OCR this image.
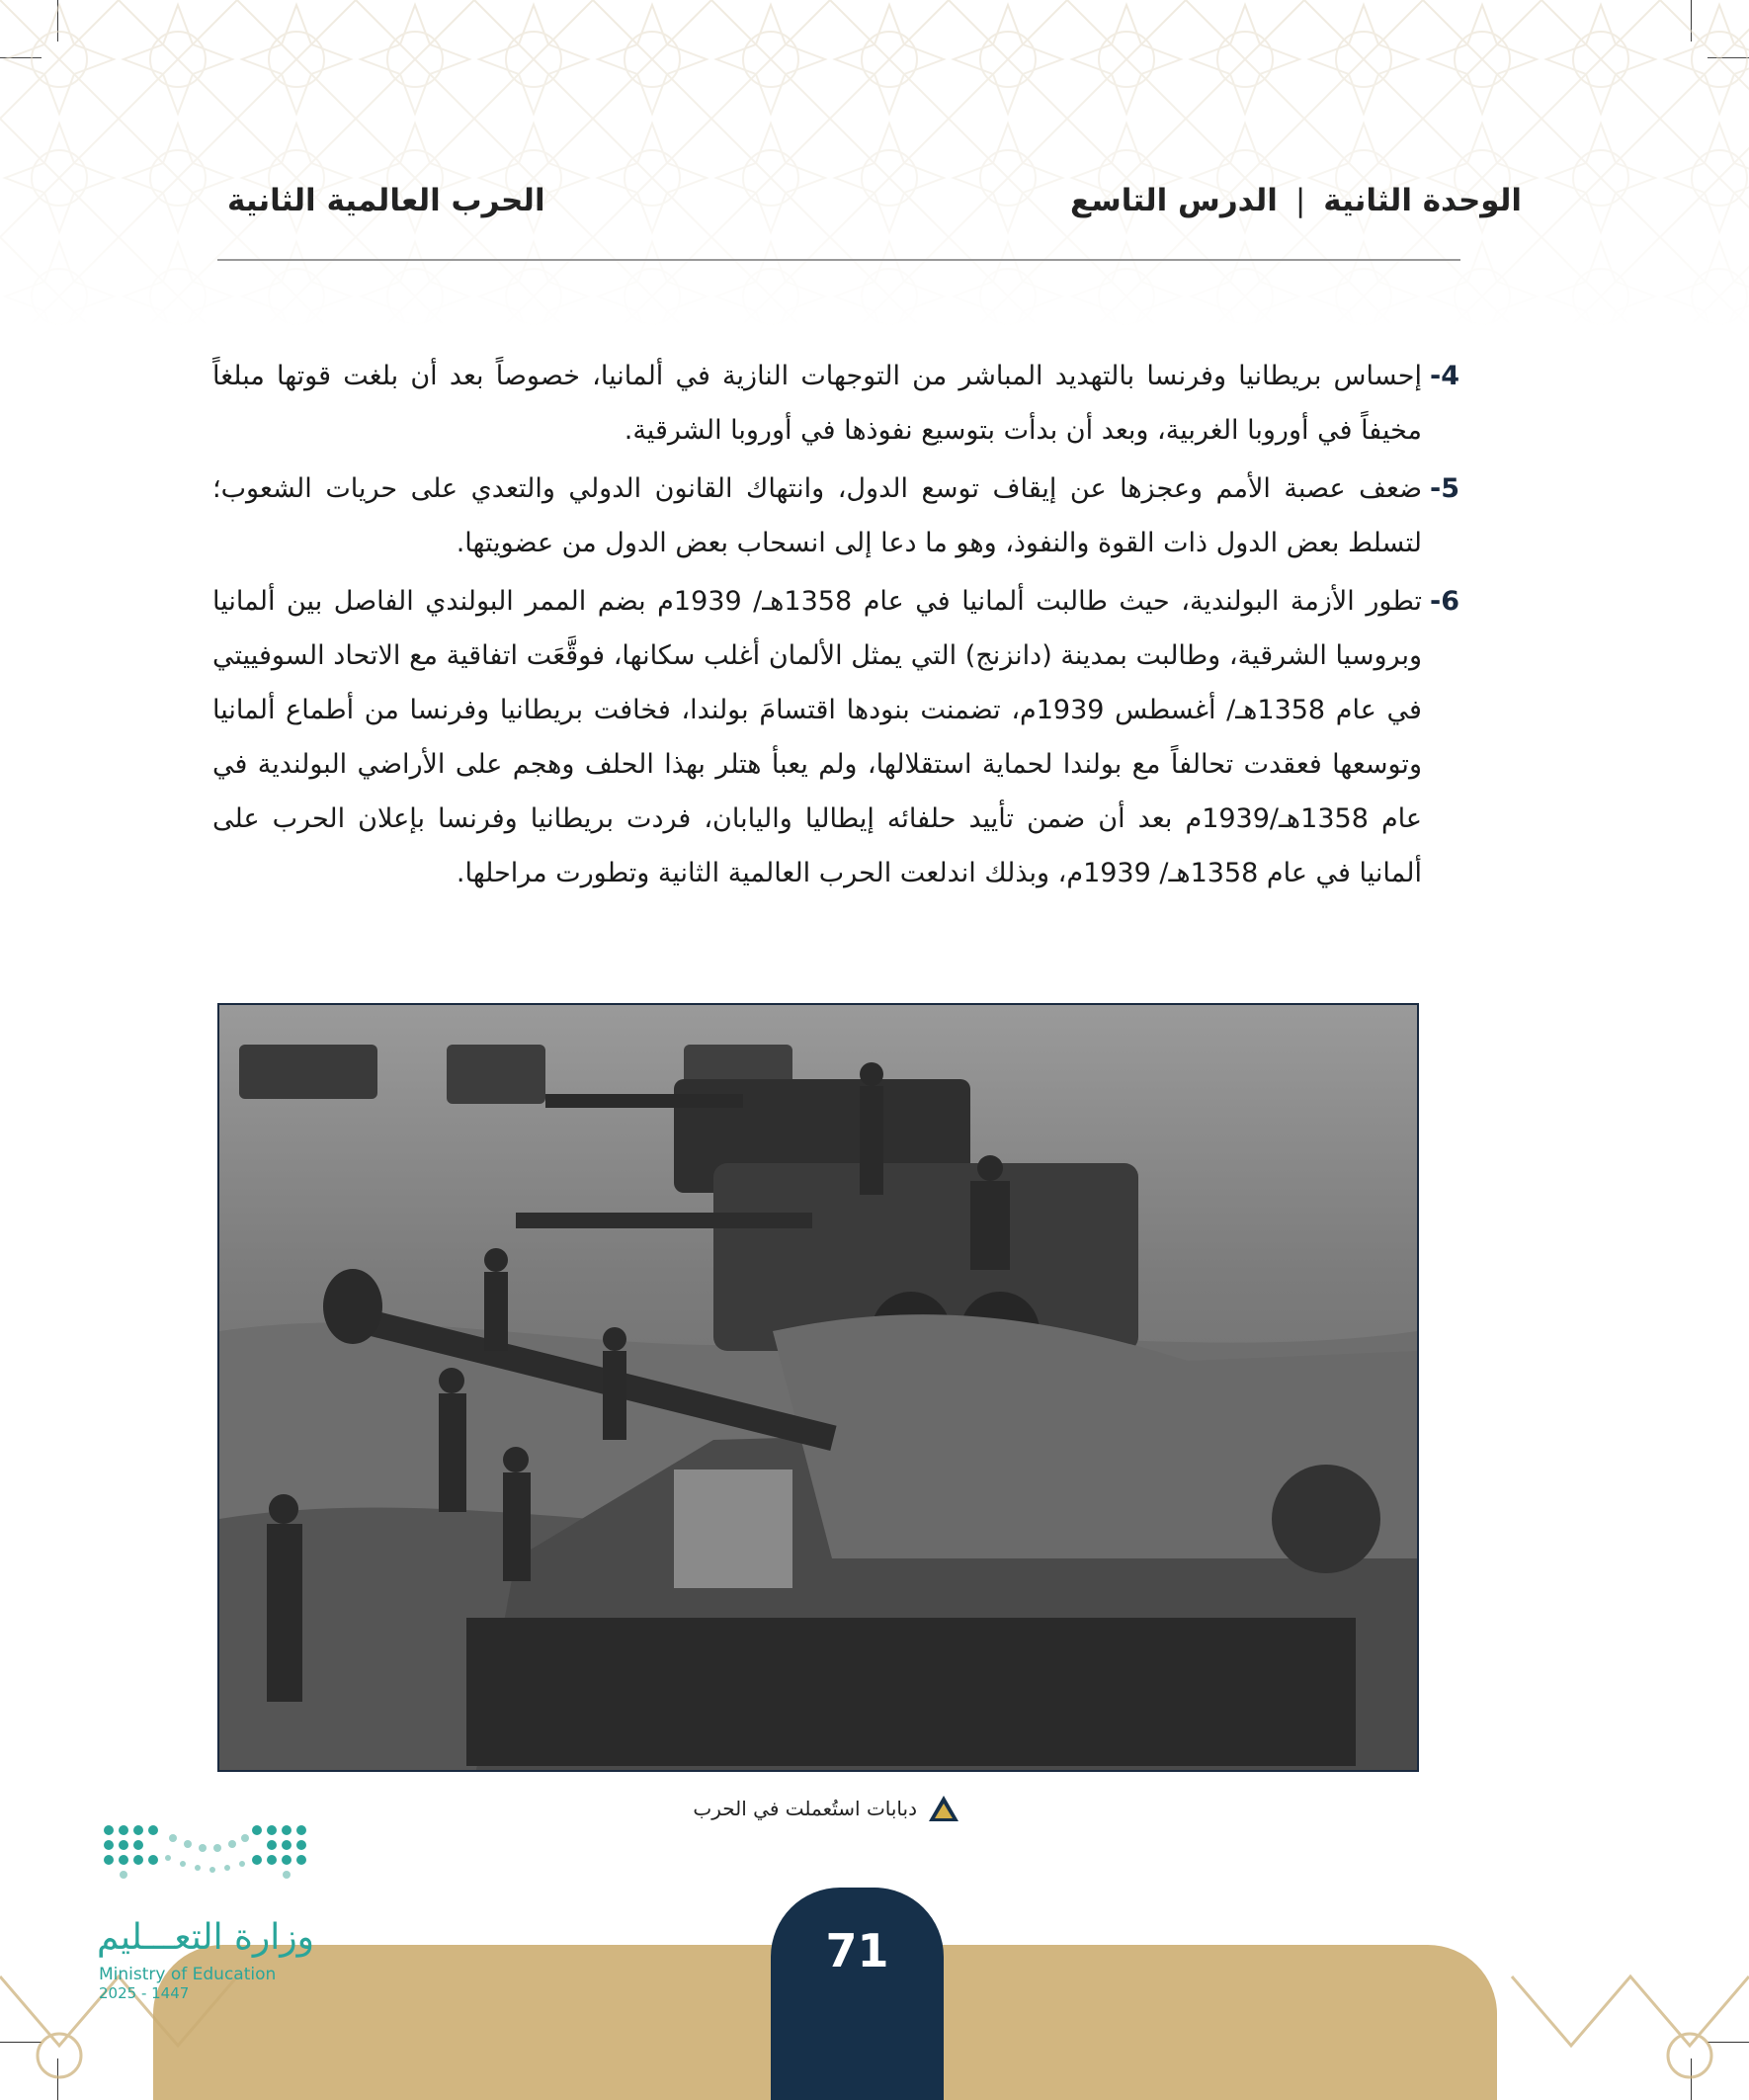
الوحدة الثانية|الدرس التاسع
الحرب العالمية الثانية
4-
إحساس بريطانيا وفرنسا بالتهديد المباشر من التوجهات النازية في ألمانيا، خصوصاً بعد أن بلغت قوتها مبلغاً مخيفاً في أوروبا الغربية، وبعد أن بدأت بتوسيع نفوذها في أوروبا الشرقية.
5-
ضعف عصبة الأمم وعجزها عن إيقاف توسع الدول، وانتهاك القانون الدولي والتعدي على حريات الشعوب؛ لتسلط بعض الدول ذات القوة والنفوذ، وهو ما دعا إلى انسحاب بعض الدول من عضويتها.
6-
تطور الأزمة البولندية، حيث طالبت ألمانيا في عام 1358هـ/ 1939م بضم الممر البولندي الفاصل بين ألمانيا وبروسيا الشرقية، وطالبت بمدينة (دانزنج) التي يمثل الألمان أغلب سكانها، فوقَّعَت اتفاقية مع الاتحاد السوفييتي في عام 1358هـ/ أغسطس 1939م، تضمنت بنودها اقتسامَ بولندا، فخافت بريطانيا وفرنسا من أطماع ألمانيا وتوسعها فعقدت تحالفاً مع بولندا لحماية استقلالها، ولم يعبأ هتلر بهذا الحلف وهجم على الأراضي البولندية في عام 1358هـ/1939م بعد أن ضمن تأييد حلفائه إيطاليا واليابان، فردت بريطانيا وفرنسا بإعلان الحرب على ألمانيا في عام 1358هـ/ 1939م، وبذلك اندلعت الحرب العالمية الثانية وتطورت مراحلها.
دبابات استُعملت في الحرب
وزارة التعـــليم
Ministry of Education
2025 - 1447
71
